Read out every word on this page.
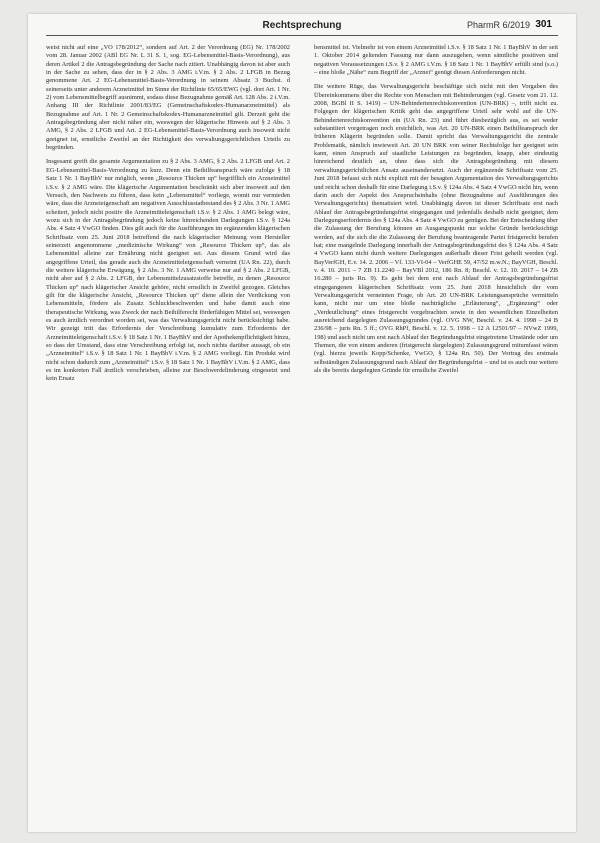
Rechtsprechung	PharmR 6/2019 301

weist nicht auf eine „VO 178/2012“, sondern auf Art. 2 der Verordnung (EG) Nr. 178/2002 vom 28. Januar 2002 (ABl EG Nr. L 31 S. 1, sog. EG-Lebensmittel-Basis-Verordnung), aus deren Artikel 2 die Antragsbegründung der Sache nach zitiert. Unabhängig davon ist aber auch in der Sache zu sehen, dass der in § 2 Abs. 3 AMG i.V.m. § 2 Abs. 2 LFGB in Bezug genommene Art. 2 EG-Lebensmittel-Basis-Verordnung in seinem Absatz 3 Buchst. d seinerseits unter anderem Arzneimittel im Sinne der Richtlinie 65/65/EWG (vgl. dort Art. 1 Nr. 2) vom Lebensmittelbegriff ausnimmt, sodass diese Bezugnahme gemäß Art. 128 Abs. 2 i.V.m. Anhang III der Richtlinie 2001/83/EG (Gemeinschaftskodex-Humanarzneimittel) als Bezugnahme auf Art. 1 Nr. 2 Gemeinschaftskodex-Humanarzneimittel gilt. Derzeit geht die Antragsbegründung aber nicht näher ein, weswegen der klägerische Hinweis auf § 2 Abs. 3 AMG, § 2 Abs. 2 LFGB und Art. 2 EG-Lebensmittel-Basis-Verordnung auch insoweit nicht geeignet ist, ernstliche Zweifel an der Richtigkeit des verwaltungsgerichtlichen Urteils zu begründen.

Insgesamt greift die gesamte Argumentation zu § 2 Abs. 3 AMG, § 2 Abs. 2 LFGB und Art. 2 EG-Lebensmittel-Basis-Verordnung zu kurz. Denn ein Beihilfeanspruch wäre zufolge § 18 Satz 1 Nr. 1 BayBhV nur möglich, wenn „Resource Thicken up“ begrifflich ein Arzneimittel i.S.v. § 2 AMG wäre. Die klägerische Argumentation beschränkt sich aber insoweit auf den Versuch, den Nachweis zu führen, dass kein „Lebensmittel“ vorliege, womit nur vermieden wäre, dass die Arzneieigenschaft am negativen Ausschlusstatbestand des § 2 Abs. 3 Nr. 1 AMG scheitert, jedoch nicht positiv die Arzneimitteleigenschaft i.S.v. § 2 Abs. 1 AMG belegt wäre, wozu sich in der Antragsbegründung jedoch keine hinreichenden Darlegungen i.S.v. § 124a Abs. 4 Satz 4 VwGO finden. Dies gilt auch für die Ausführungen im ergänzenden klägerischen Schriftsatz vom 25. Juni 2018 betreffend die nach klägerischer Meinung vom Hersteller seinerzeit angenommene „medizinische Wirkung“ von „Resource Thicken up“, das als Lebensmittel alleine zur Ernährung nicht geeignet sei. Aus diesem Grund wird das angegriffene Urteil, das gerade auch die Arzneimitteleigenschaft verneint (UA Rn. 22), durch die weitere klägerische Erwägung, § 2 Abs. 3 Nr. 1 AMG verweise nur auf § 2 Abs. 2 LFGB, nicht aber auf § 2 Abs. 2 LFGB, der Lebensmittelzusatzstoffe betreffe, zu denen „Resource Thicken up“ nach klägerischer Ansicht gehöre, nicht ernstlich in Zweifel gezogen. Gleiches gilt für die klägerische Ansicht, „Resource Thicken up“ diene allein der Verdickung von Lebensmitteln, fördere als Zusatz Schluckbeschwerden und habe damit auch eine therapeutische Wirkung, was Zweck der nach Beihilferecht förderfähigen Mittel sei, weswegen es auch ärztlich verordnet worden sei, was das Verwaltungsgericht nicht berücksichtigt habe. Wir gezeigt tritt das Erfordernis der Verschreibung kumulativ zum Erfordernis der Arzneimitteleigenschaft i.S.v. § 18 Satz 1 Nr. 1 BayBhV und der Apothekenpflichtigkeit hinzu, so dass der Umstand, dass eine Verschreibung erfolgt ist, noch nichts darüber aussagt, ob ein „Arzneimittel“ i.S.v. § 18 Satz 1 Nr. 1 BayBhV i.V.m. § 2 AMG vorliegt. Ein Produkt wird nicht schon dadurch zum „Arzneimittel“ i.S.v. § 18 Satz 1 Nr. 1 BayBhV i.V.m. § 2 AMG, dass es im konkreten Fall ärztlich verschrieben, alleine zur Beschwerdelinderung eingesetzt und kein Ersatz

bensmittel ist. Vielmehr ist von einem Arzneimittel i.S.v. § 18 Satz 1 Nr. 1 BayBhV in der seit 1. Oktober 2014 geltenden Fassung nur dann auszugehen, wenn sämtliche positiven und negativen Voraussetzungen i.S.v. § 2 AMG i.V.m. § 18 Satz 1 Nr. 1 BayBhV erfüllt sind (s.o.) – eine bloße „Nähe“ zum Begriff der „Arznei“ genügt diesen Anforderungen nicht.

Die weitere Rüge, das Verwaltungsgericht beschäftige sich nicht mit den Vorgaben des Übereinkommens über die Rechte von Menschen mit Behinderungen (vgl. Gesetz vom 21. 12. 2008, BGBl II S. 1419) – UN-Behindertenrechtskonvention (UN-BRK) –, trifft nicht zu. Folgegen der klägerischen Kritik geht das angegriffene Urteil sehr wohl auf die UN-Behindertenrechtskonvention ein (UA Rn. 23) und führt diesbezüglich aus, es sei weder substantiiert vorgetragen noch ersichtlich, was Art. 20 UN-BRK einen Beihilfeanspruch der früheren Klägerin begründen solle. Damit spricht das Verwaltungsgericht die zentrale Problematik, nämlich inwieweit Art. 20 UN BRK von seiner Rechtsfolge her geeignet sein kann, einen Anspruch auf staatliche Leistungen zu begründen, knapp, aber eindeutig hinreichend deutlich an, ohne dass sich die Antragsbegründung mit diesem verwaltungsgerichtlichen Ansatz auseinandersetzt. Auch der ergänzende Schriftsatz vom 25. Juni 2018 befasst sich nicht explizit mit der besagten Argumentation des Verwaltungsgerichts und reicht schon deshalb für eine Darlegung i.S.v. § 124a Abs. 4 Satz 4 VwGO nicht hin, wenn darin auch der Aspekt des Anspruchsinhalts (ohne Bezugnahme auf Ausführungen des Verwaltungsgerichts) thematisiert wird. Unabhängig davon ist dieser Schriftsatz erst nach Ablauf der Antragsbegründungsfrist eingegangen und jedenfalls deshalb nicht geeignet, dem Darlegungserfordernis des § 124a Abs. 4 Satz 4 VwGO zu genügen. Bei der Entscheidung über die Zulassung der Berufung können an Ausgangspunkt nur solche Gründe berücksichtigt werden, auf die sich die die Zulassung der Berufung beantragende Partei fristgerecht berufen hat; eine mangelnde Darlegung innerhalb der Antragsbegründungsfrist des § 124a Abs. 4 Satz 4 VwGO kann nicht durch weitere Darlegungen außerhalb dieser Frist geheilt werden (vgl. BayVerfGH, E.v. 14. 2. 2006 – Vf. 133-VI-04 – VerfGHE 59, 47/52 m.w.N.; BayVGH, Beschl. v. 4. 10. 2011 – 7 ZB 11.2240 – BayVBl 2012, 186 Rn. 8; Beschl. v. 12. 10. 2017 – 14 ZB 16.280 – juris Rn. 9). Es geht bei dem erst nach Ablauf der Antragsbegründungsfrist eingegangenen klägerischen Schriftsatz vom 25. Juni 2018 hinsichtlich der vom Verwaltungsgericht verneinten Frage, ob Art. 20 UN-BRK Leistungsansprüche vermitteln kann, nicht nur um eine bloße nachträgliche „Erläuterung“, „Ergänzung“ oder „Verdeutlichung“ eines fristgerecht vorgebrachten sowie in den wesentlichen Einzelheiten ausreichend dargelegten Zulassungsgrundes (vgl. OVG NW, Beschl. v. 24. 4. 1998 – 24 B 236/98 – juris Rn. 5 ff.; OVG RhPf, Beschl. v. 12. 5. 1998 – 12 A 12501/97 – NVwZ 1999, 198) und auch nicht um erst nach Ablauf der Begründungsfrist eingetretene Umstände oder um Themen, die von einem anderen (fristgerecht dargelegten) Zulassungsgrund mitumfasst wären (vgl. hierzu jeweils Kopp/Schenke, VwGO, § 124a Rn. 50). Der Vortrag des erstmals selbständigen Zulassungsgrund nach Ablauf der Begründungsfrist – und ist es auch nur weitere als die bereits dargelegten Gründe für ernstliche Zweifel
